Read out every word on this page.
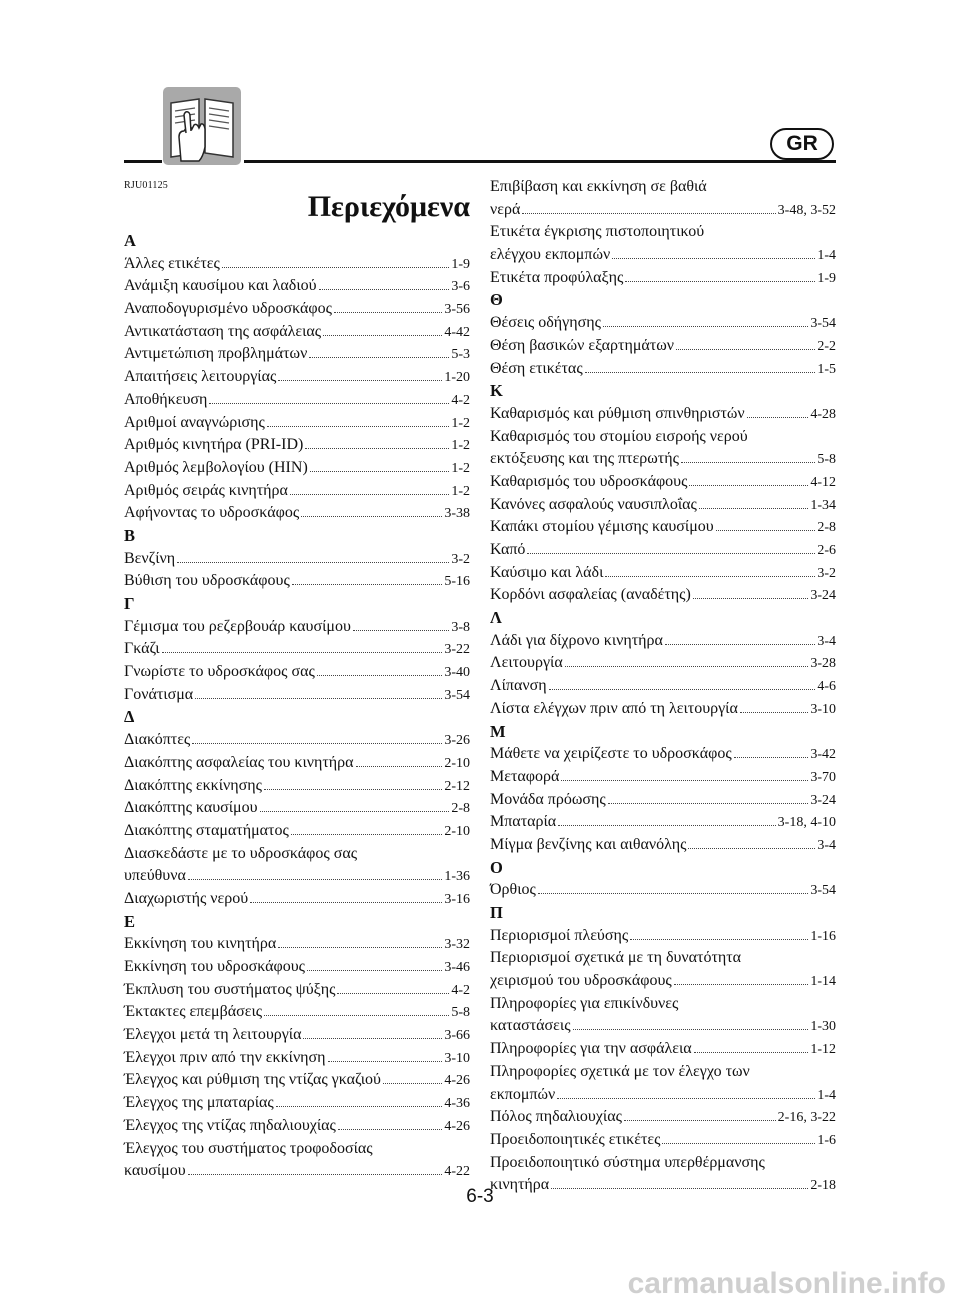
GR
RJU01125
Περιεχόμενα
Α
Άλλες ετικέτες	1-9
Ανάμιξη καυσίμου και λαδιού	3-6
Αναποδογυρισμένο υδροσκάφος	3-56
Αντικατάσταση της ασφάλειας	4-42
Αντιμετώπιση προβλημάτων	5-3
Απαιτήσεις λειτουργίας	1-20
Αποθήκευση	4-2
Αριθμοί αναγνώρισης	1-2
Αριθμός κινητήρα (PRI-ID)	1-2
Αριθμός λεμβολογίου (HIN)	1-2
Αριθμός σειράς κινητήρα	1-2
Αφήνοντας το υδροσκάφος	3-38
Β
Βενζίνη	3-2
Βύθιση του υδροσκάφους	5-16
Γ
Γέμισμα του ρεζερβουάρ καυσίμου	3-8
Γκάζι	3-22
Γνωρίστε το υδροσκάφος σας	3-40
Γονάτισμα	3-54
Δ
Διακόπτες	3-26
Διακόπτης ασφαλείας του κινητήρα	2-10
Διακόπτης εκκίνησης	2-12
Διακόπτης καυσίμου	2-8
Διακόπτης σταματήματος	2-10
Διασκεδάστε με το υδροσκάφος σας
υπεύθυνα	1-36
Διαχωριστής νερού	3-16
Ε
Εκκίνηση του κινητήρα	3-32
Εκκίνηση του υδροσκάφους	3-46
Έκπλυση του συστήματος ψύξης	4-2
Έκτακτες επεμβάσεις	5-8
Έλεγχοι μετά τη λειτουργία	3-66
Έλεγχοι πριν από την εκκίνηση	3-10
Έλεγχος και ρύθμιση της ντίζας γκαζιού	4-26
Έλεγχος της μπαταρίας	4-36
Έλεγχος της ντίζας πηδαλιουχίας	4-26
Έλεγχος του συστήματος τροφοδοσίας
καυσίμου	4-22
Επιβίβαση και εκκίνηση σε βαθιά
νερά	3-48, 3-52
Ετικέτα έγκρισης πιστοποιητικού
ελέγχου εκπομπών	1-4
Ετικέτα προφύλαξης	1-9
Θ
Θέσεις οδήγησης	3-54
Θέση βασικών εξαρτημάτων	2-2
Θέση ετικέτας	1-5
Κ
Καθαρισμός και ρύθμιση σπινθηριστών	4-28
Καθαρισμός του στομίου εισροής νερού
εκτόξευσης και της πτερωτής	5-8
Καθαρισμός του υδροσκάφους	4-12
Κανόνες ασφαλούς ναυσιπλοΐας	1-34
Καπάκι στομίου γέμισης καυσίμου	2-8
Καπό	2-6
Καύσιμο και λάδι	3-2
Κορδόνι ασφαλείας (αναδέτης)	3-24
Λ
Λάδι για δίχρονο κινητήρα	3-4
Λειτουργία	3-28
Λίπανση	4-6
Λίστα ελέγχων πριν από τη λειτουργία	3-10
Μ
Μάθετε να χειρίζεστε το υδροσκάφος	3-42
Μεταφορά	3-70
Μονάδα πρόωσης	3-24
Μπαταρία	3-18, 4-10
Μίγμα βενζίνης και αιθανόλης	3-4
Ο
Όρθιος	3-54
Π
Περιορισμοί πλεύσης	1-16
Περιορισμοί σχετικά με τη δυνατότητα
χειρισμού του υδροσκάφους	1-14
Πληροφορίες για επικίνδυνες
καταστάσεις	1-30
Πληροφορίες για την ασφάλεια	1-12
Πληροφορίες σχετικά με τον έλεγχο των
εκπομπών	1-4
Πόλος πηδαλιουχίας	2-16, 3-22
Προειδοποιητικές ετικέτες	1-6
Προειδοποιητικό σύστημα υπερθέρμανσης
κινητήρα	2-18
6-3
carmanualsonline.info
